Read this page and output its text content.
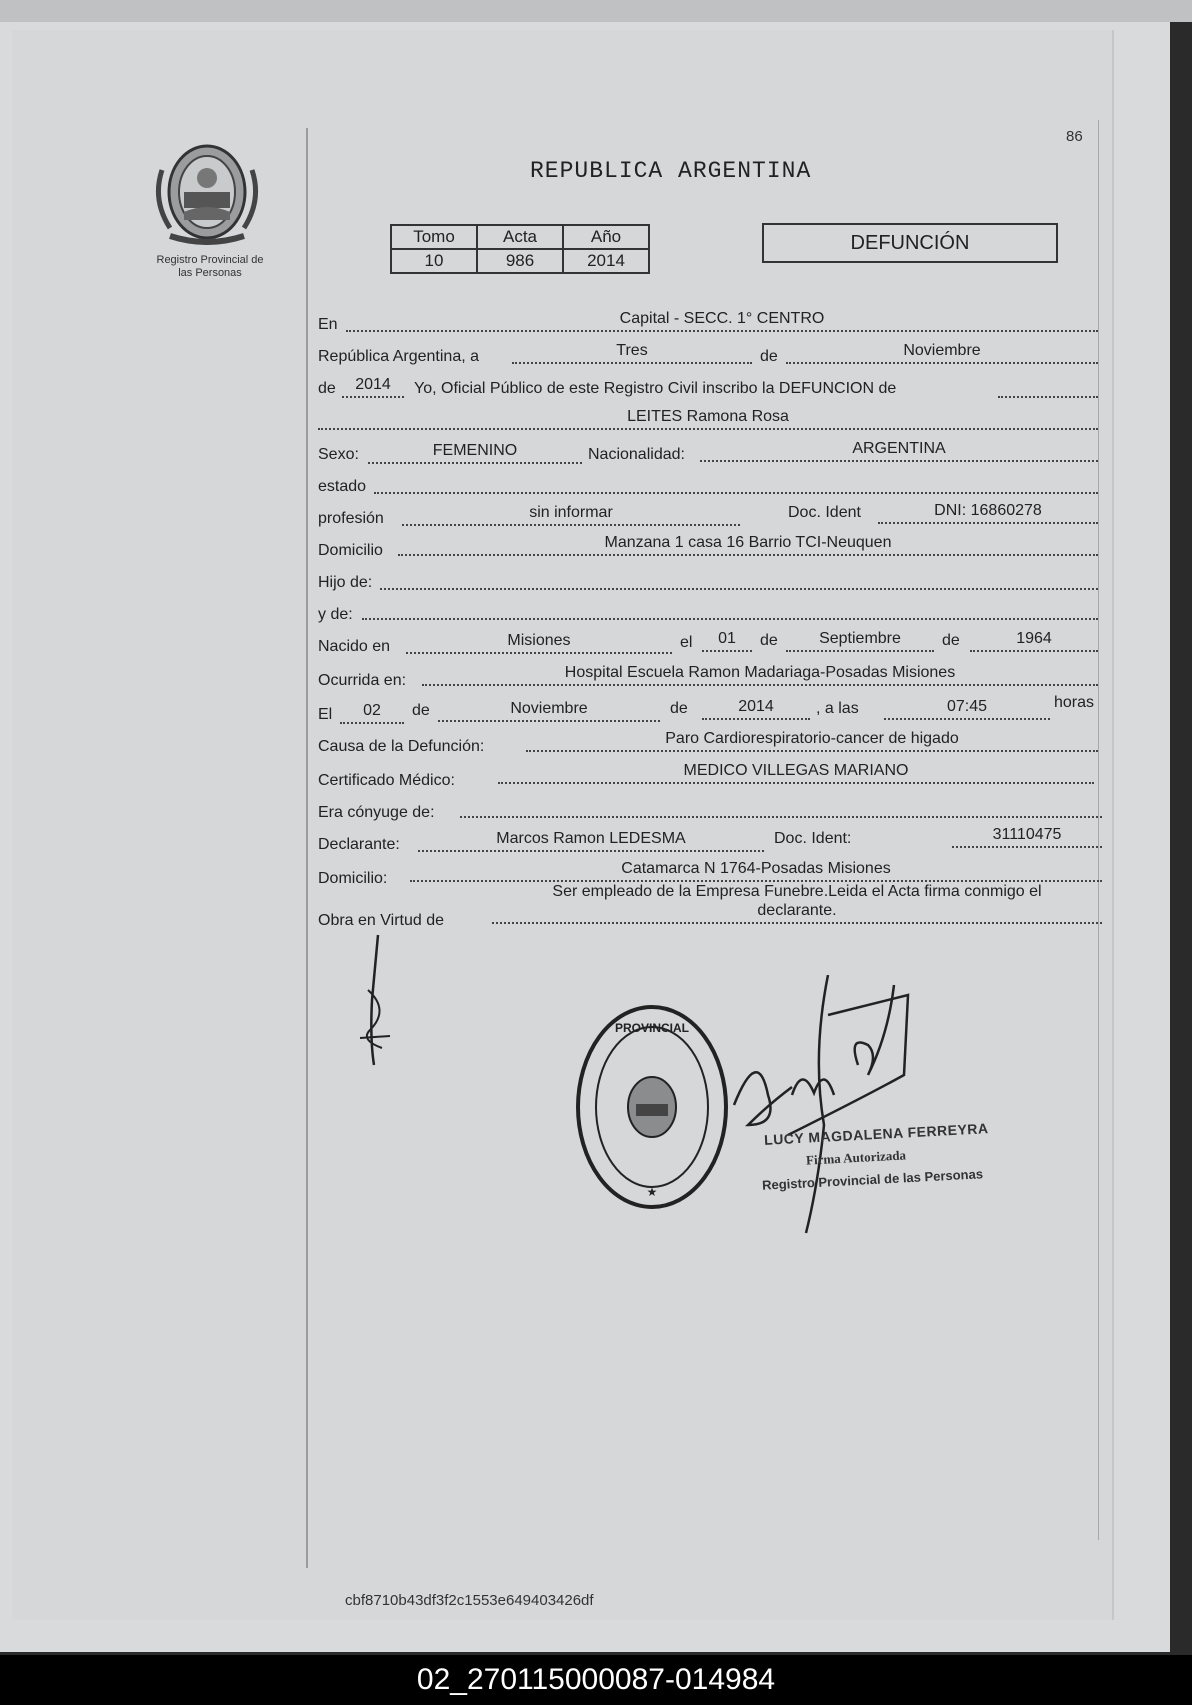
Registro Provincial de
las Personas
86
REPUBLICA ARGENTINA
Tomo	Acta	Año
10	986	2014
DEFUNCIÓN
En	Capital - SECC. 1° CENTRO
República Argentina, a	Tres	de	Noviembre
de	2014	Yo, Oficial Público de este Registro Civil inscribo la DEFUNCION de
LEITES Ramona Rosa
Sexo:	FEMENINO	Nacionalidad:	ARGENTINA
estado
profesión	sin informar	Doc. Ident	DNI: 16860278
Domicilio	Manzana 1 casa 16 Barrio TCI-Neuquen
Hijo de:
y de:
Nacido en	Misiones	el	01	de	Septiembre	de	1964
Ocurrida en:	Hospital Escuela Ramon Madariaga-Posadas Misiones
El	02	de	Noviembre	de	2014	, a las	07:45	horas
Causa de la Defunción:	Paro Cardiorespiratorio-cancer de higado
Certificado Médico:
MEDICO VILLEGAS MARIANO
Era cónyuge de:
Declarante:	Marcos Ramon LEDESMA	Doc. Ident:	31110475
Domicilio:
Catamarca N 1764-Posadas Misiones
Obra en Virtud de
Ser empleado de la Empresa Funebre.Leida el Acta firma conmigo el
declarante.
PROVINCIAL
★
LUCY MAGDALENA FERREYRA
Firma Autorizada
Registro Provincial de las Personas
cbf8710b43df3f2c1553e649403426df
02_270115000087-014984
